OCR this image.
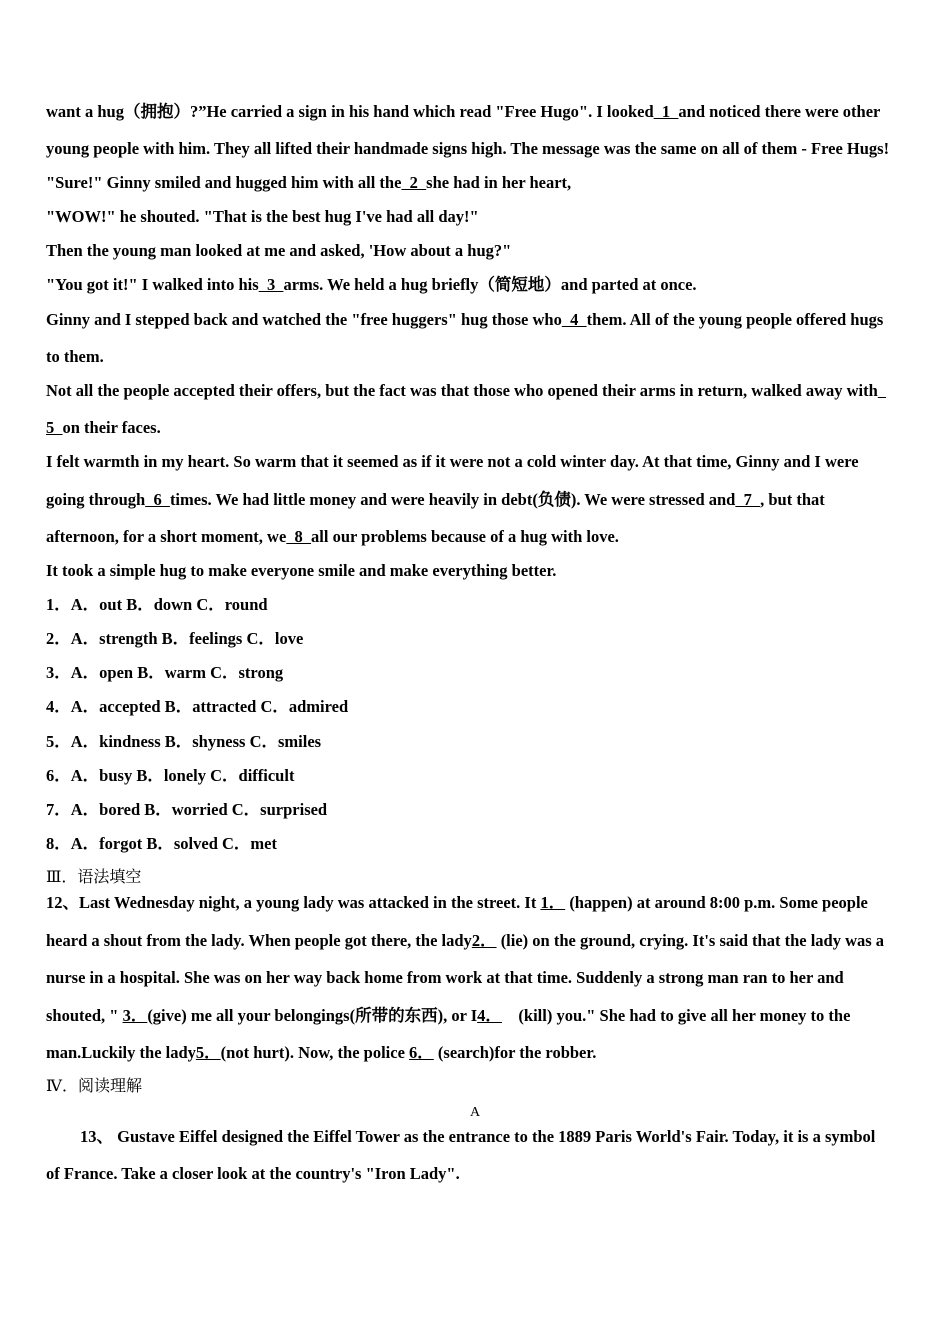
want a hug（拥抱）?”He carried a sign in his hand which read "Free Hugo". I looked  1  and noticed there were other
young people with him. They all lifted their handmade signs high. The message was the same on all of them - Free Hugs!
"Sure!" Ginny smiled and hugged him with all the  2  she had in her heart,
"WOW!" he shouted. "That is the best hug I've had all day!"
Then the young man looked at me and asked, 'How about a hug?"
"You got it!" I walked into his  3  arms. We held a hug briefly（简短地）and parted at once.
Ginny and I stepped back and watched the "free huggers" hug those who  4  them. All of the young people offered hugs
to them.
Not all the people accepted their offers, but the fact was that those who opened their arms in return, walked away with
5  on their faces.
I felt warmth in my heart. So warm that it seemed as if it were not a cold winter day. At that time, Ginny and I were
going through  6  times. We had little money and were heavily in debt(负债). We were stressed and  7  , but that
afternoon, for a short moment, we  8  all our problems because of a hug with love.
It took a simple hug to make everyone smile and make everything better.
1．A．out B．down C．round
2．A．strength B．feelings C．love
3．A．open B．warm C．strong
4．A．accepted B．attracted C．admired
5．A．kindness B．shyness C．smiles
6．A．busy B．lonely C．difficult
7．A．bored B．worried C．surprised
8．A．forgot B．solved C．met
Ⅲ．语法填空
12、Last Wednesday night, a young lady was attacked in the street. It 1． (happen) at around 8:00 p.m. Some people
heard a shout from the lady. When people got there, the lady2． (lie) on the ground, crying. It's said that the lady was a
nurse in a hospital. She was on her way back home from work at that time. Suddenly a strong man ran to her and
shouted, " 3．(give) me all your belongings(所带的东西), or I4．    (kill) you." She had to give all her money to the
man.Luckily the lady5．(not hurt). Now, the police 6． (search)for the robber.
Ⅳ．阅读理解
A
13、 Gustave Eiffel designed the Eiffel Tower as the entrance to the 1889 Paris World's Fair. Today, it is a symbol
of France. Take a closer look at the country's "Iron Lady".
